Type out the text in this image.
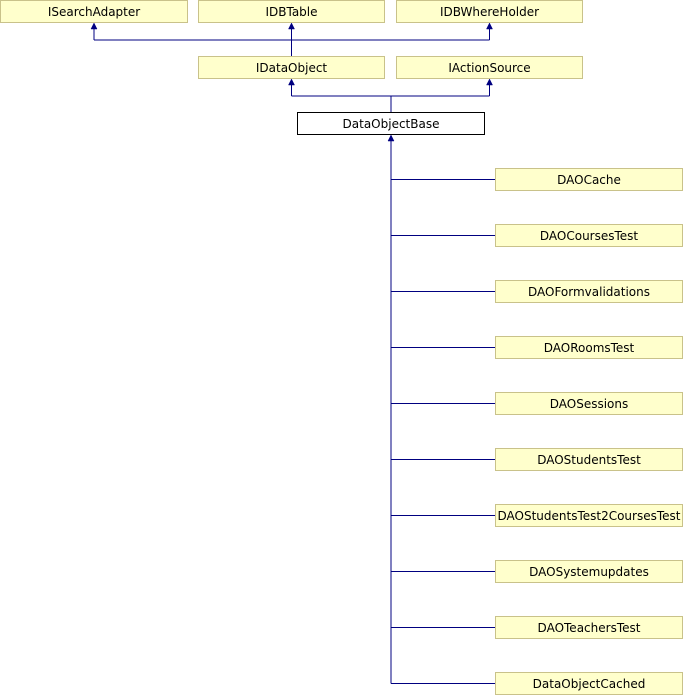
ISearchAdapter	IDBTable	IDBWhereHolder
IDataObject	IActionSource
DataObjectBase
DAOCache
DAOCoursesTest
DAOFormvalidations
DAORoomsTest
DAOSessions
DAOStudentsTest
DAOStudentsTest2CoursesTest
DAOSystemupdates
DAOTeachersTest
DataObjectCached
